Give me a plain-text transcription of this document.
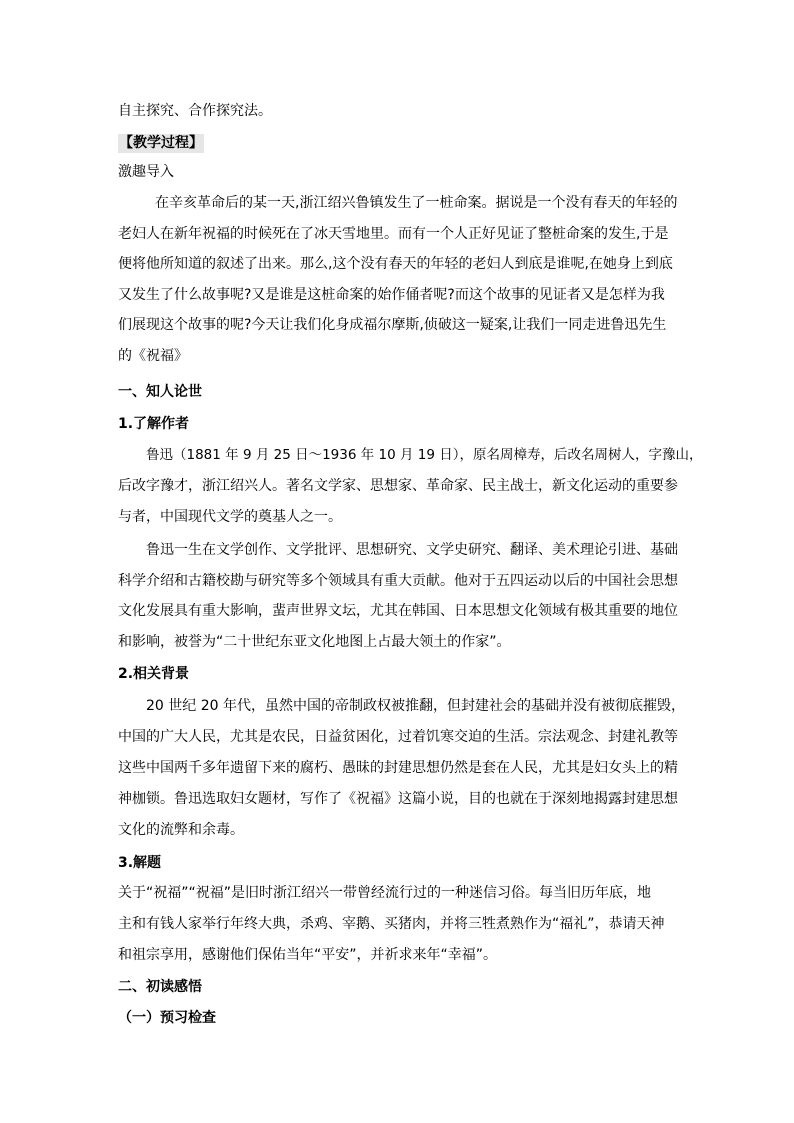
自主探究、合作探究法。
【教学过程】
激趣导入
在辛亥革命后的某一天,浙江绍兴鲁镇发生了一桩命案。据说是一个没有春天的年轻的
老妇人在新年祝福的时候死在了冰天雪地里。而有一个人正好见证了整桩命案的发生,于是
便将他所知道的叙述了出来。那么,这个没有春天的年轻的老妇人到底是谁呢,在她身上到底
又发生了什么故事呢?又是谁是这桩命案的始作俑者呢?而这个故事的见证者又是怎样为我
们展现这个故事的呢?今天让我们化身成福尔摩斯,侦破这一疑案,让我们一同走进鲁迅先生
的《祝福》
一、知人论世
1.了解作者
鲁迅（1881 年 9 月 25 日～1936 年 10 月 19 日），原名周樟寿，后改名周树人，字豫山，
后改字豫才，浙江绍兴人。著名文学家、思想家、革命家、民主战士，新文化运动的重要参
与者，中国现代文学的奠基人之一。
鲁迅一生在文学创作、文学批评、思想研究、文学史研究、翻译、美术理论引进、基础
科学介绍和古籍校勘与研究等多个领域具有重大贡献。他对于五四运动以后的中国社会思想
文化发展具有重大影响，蜚声世界文坛，尤其在韩国、日本思想文化领域有极其重要的地位
和影响，被誉为“二十世纪东亚文化地图上占最大领土的作家”。
2.相关背景
20 世纪 20 年代，虽然中国的帝制政权被推翻，但封建社会的基础并没有被彻底摧毁，
中国的广大人民，尤其是农民，日益贫困化，过着饥寒交迫的生活。宗法观念、封建礼教等
这些中国两千多年遗留下来的腐朽、愚昧的封建思想仍然是套在人民，尤其是妇女头上的精
神枷锁。鲁迅选取妇女题材，写作了《祝福》这篇小说，目的也就在于深刻地揭露封建思想
文化的流弊和余毒。
3.解题
关于“祝福”“祝福”是旧时浙江绍兴一带曾经流行过的一种迷信习俗。每当旧历年底，地
主和有钱人家举行年终大典，杀鸡、宰鹅、买猪肉，并将三牲煮熟作为“福礼”，恭请天神
和祖宗享用，感谢他们保佑当年“平安”，并祈求来年“幸福”。
二、初读感悟
（一）预习检查
